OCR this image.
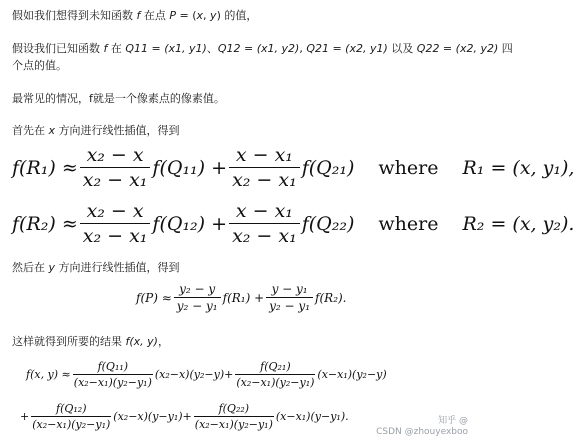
假如我们想得到未知函数 f 在点 P = (x, y) 的值，
假设我们已知函数 f 在 Q11 = (x1, y1)、Q12 = (x1, y2), Q21 = (x2, y1) 以及 Q22 = (x2, y2) 四
个点的值。
最常见的情况，f就是一个像素点的像素值。
首先在 x 方向进行线性插值，得到
$f(R_1) \approx \frac{\text{x₂ − x}}{\text{x₂ − x₁}} f(Q_{11}) + \frac{\text{x − x₁}}{\text{x₂ − x₁}} f(Q_{21})$ where R₁ = (x, y₁),
$f(R_2) \approx \frac{\text{x₂ − x}}{\text{x₂ − x₁}} f(Q_{12}) + \frac{\text{x − x₁}}{\text{x₂ − x₁}} f(Q_{22})$ where R₂ = (x, y₂).
然后在 y 方向进行线性插值，得到
$f(P) \approx \frac{\text{y₂ − y}}{\text{y₂ − y₁}} f(R_1) + \frac{\text{y − y₁}}{\text{y₂ − y₁}} f(R_2)$.
这样就得到所要的结果 f(x, y)，
f(x, $y) \approx \frac{\text{f(Q₁₁)}}{\text{(x₂−x₁)(y₂−y₁)}} (x_2-x)(y_2-y)+ \frac{\text{f(Q₂₁)}}{\text{(x₂−x₁)(y₂−y₁)}} (x-x_1)(y_2-y)$
+ $\frac{\text{f(Q₁₂)}}{\text{(x₂−x₁)(y₂−y₁)}} (x_2-x)(y-y_1)+ \frac{\text{f(Q₂₂)}}{\text{(x₂−x₁)(y₂−y₁)}} (x-x_1)(y-y_1)$.	知乎 @
CSDN @zhouyexboo
